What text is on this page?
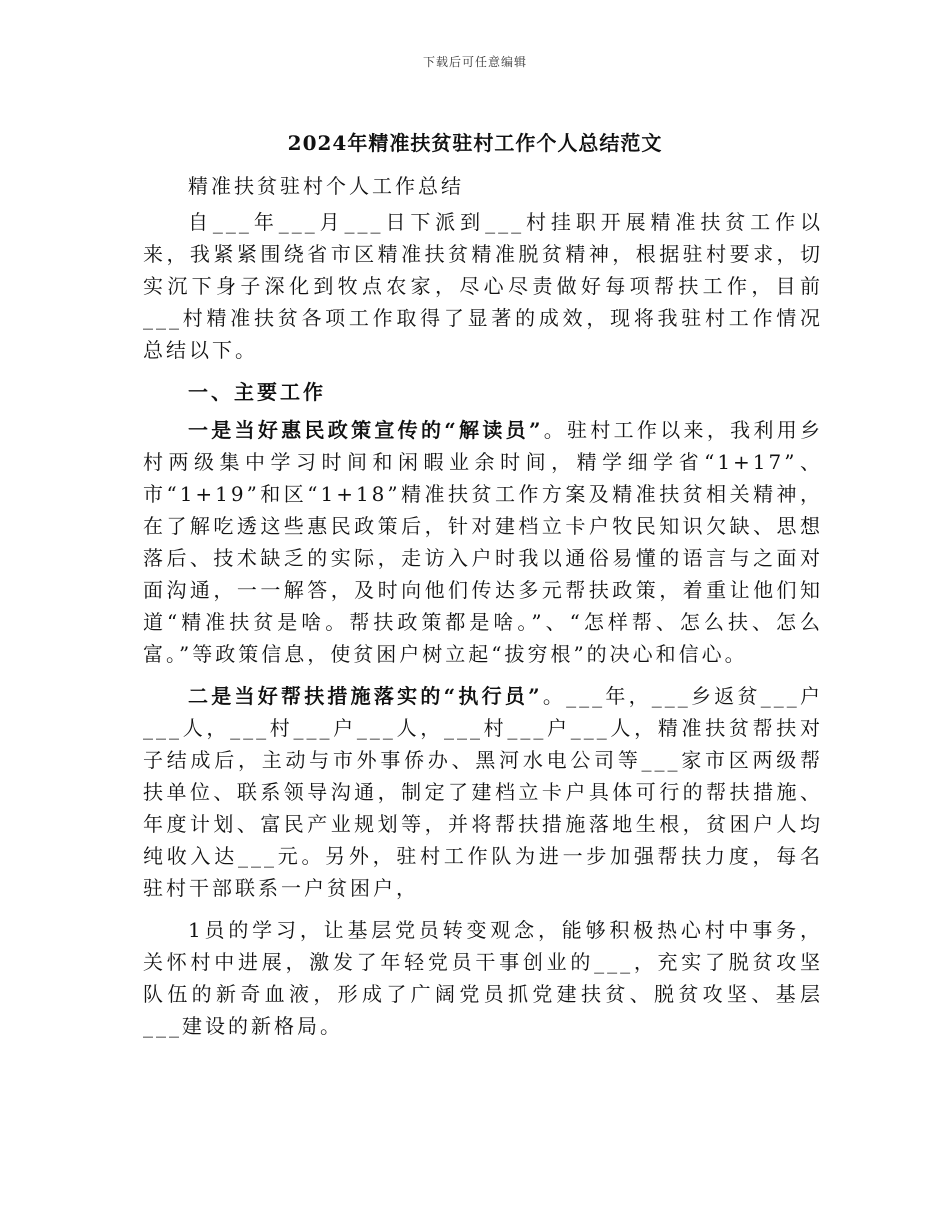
下载后可任意编辑
2024年精准扶贫驻村工作个人总结范文

精准扶贫驻村个人工作总结

自___年___月___日下派到___村挂职开展精准扶贫工作以来，我紧紧围绕省市区精准扶贫精准脱贫精神，根据驻村要求，切实沉下身子深化到牧点农家，尽心尽责做好每项帮扶工作，目前___村精准扶贫各项工作取得了显著的成效，现将我驻村工作情况总结以下。

一、主要工作

一是当好惠民政策宣传的“解读员”。驻村工作以来，我利用乡村两级集中学习时间和闲暇业余时间，精学细学省“1+17”、市“1+19”和区“1+18”精准扶贫工作方案及精准扶贫相关精神，在了解吃透这些惠民政策后，针对建档立卡户牧民知识欠缺、思想落后、技术缺乏的实际，走访入户时我以通俗易懂的语言与之面对面沟通，一一解答，及时向他们传达多元帮扶政策，着重让他们知道“精准扶贫是啥。帮扶政策都是啥。”、“怎样帮、怎么扶、怎么富。”等政策信息，使贫困户树立起“拔穷根”的决心和信心。

二是当好帮扶措施落实的“执行员”。___年，___乡返贫___户___人，___村___户___人，___村___户___人，精准扶贫帮扶对子结成后，主动与市外事侨办、黑河水电公司等___家市区两级帮扶单位、联系领导沟通，制定了建档立卡户具体可行的帮扶措施、年度计划、富民产业规划等，并将帮扶措施落地生根，贫困户人均纯收入达___元。另外，驻村工作队为进一步加强帮扶力度，每名驻村干部联系一户贫困户，

1员的学习，让基层党员转变观念，能够积极热心村中事务，关怀村中进展，激发了年轻党员干事创业的___，充实了脱贫攻坚队伍的新奇血液，形成了广阔党员抓党建扶贫、脱贫攻坚、基层___建设的新格局。
